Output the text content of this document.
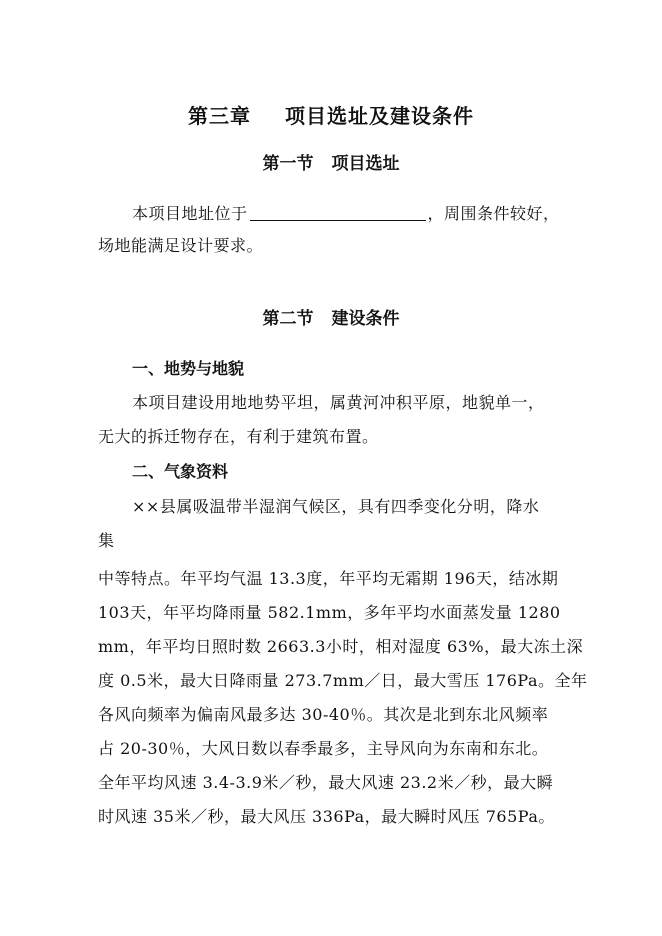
第三章 项目选址及建设条件
第一节 项目选址

本项目地址位于	，周围条件较好，

场地能满足设计要求。

第二节 建设条件

一、地势与地貌

本项目建设用地地势平坦，属黄河冲积平原，地貌单一，

无大的拆迁物存在，有利于建筑布置。

二、气象资料

××县属吸温带半湿润气候区，具有四季变化分明，降水

集

中等特点。年平均气温 13.3度，年平均无霜期 196天，结冰期

103天，年平均降雨量 582.1mm，多年平均水面蒸发量 1280

mm，年平均日照时数 2663.3小时，相对湿度 63%，最大冻土深

度 0.5米，最大日降雨量 273.7mm／日，最大雪压 176Pa。全年

各风向频率为偏南风最多达 30-40％。其次是北到东北风频率

占 20-30％，大风日数以春季最多，主导风向为东南和东北。

全年平均风速 3.4-3.9米／秒，最大风速 23.2米／秒，最大瞬

时风速 35米／秒，最大风压 336Pa，最大瞬时风压 765Pa。
